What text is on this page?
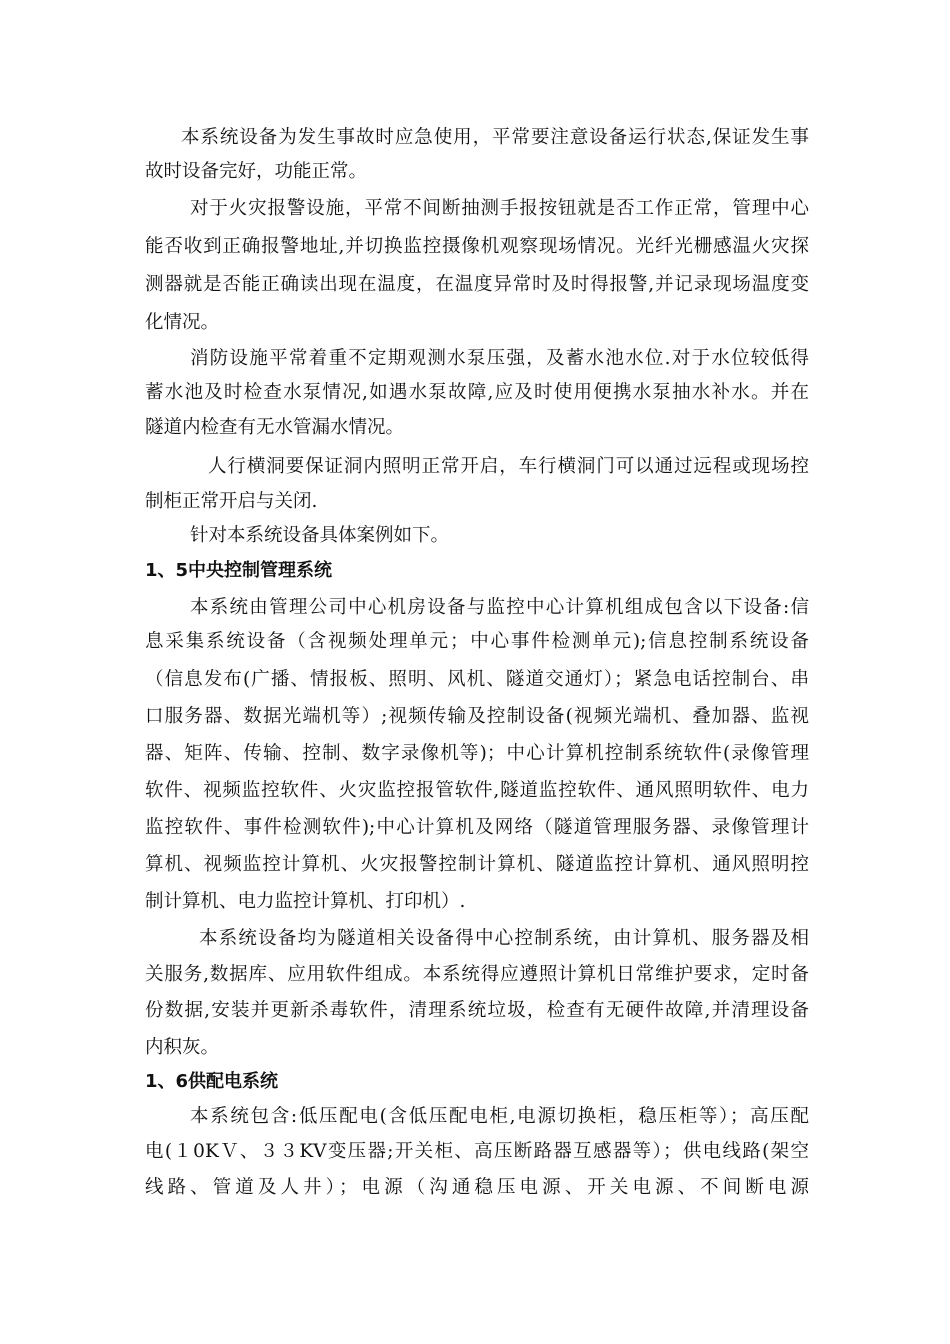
本系统设备为发生事故时应急使用，平常要注意设备运行状态,保证发生事
故时设备完好，功能正常。
对于火灾报警设施，平常不间断抽测手报按钮就是否工作正常，管理中心
能否收到正确报警地址,并切换监控摄像机观察现场情况。光纤光栅感温火灾探
测器就是否能正确读出现在温度，在温度异常时及时得报警,并记录现场温度变
化情况。
消防设施平常着重不定期观测水泵压强，及蓄水池水位.对于水位较低得
蓄水池及时检查水泵情况,如遇水泵故障,应及时使用便携水泵抽水补水。并在
隧道内检查有无水管漏水情况。
人行横洞要保证洞内照明正常开启，车行横洞门可以通过远程或现场控
制柜正常开启与关闭.
针对本系统设备具体案例如下。
1、5中央控制管理系统
本系统由管理公司中心机房设备与监控中心计算机组成包含以下设备:信
息采集系统设备（含视频处理单元；中心事件检测单元);信息控制系统设备
（信息发布(广播、情报板、照明、风机、隧道交通灯）；紧急电话控制台、串
口服务器、数据光端机等）;视频传输及控制设备(视频光端机、叠加器、监视
器、矩阵、传输、控制、数字录像机等)；中心计算机控制系统软件(录像管理
软件、视频监控软件、火灾监控报管软件,隧道监控软件、通风照明软件、电力
监控软件、事件检测软件);中心计算机及网络（隧道管理服务器、录像管理计
算机、视频监控计算机、火灾报警控制计算机、隧道监控计算机、通风照明控
制计算机、电力监控计算机、打印机）.
本系统设备均为隧道相关设备得中心控制系统，由计算机、服务器及相
关服务,数据库、应用软件组成。本系统得应遵照计算机日常维护要求，定时备
份数据,安装并更新杀毒软件，清理系统垃圾，检查有无硬件故障,并清理设备
内积灰。
1、6供配电系统
本系统包含:低压配电(含低压配电柜,电源切换柜，稳压柜等）；高压配
电(１0KＶ、３３KV变压器;开关柜、高压断路器互感器等）；供电线路(架空
线路、管道及人井）；电源（沟通稳压电源、开关电源、不间断电源
